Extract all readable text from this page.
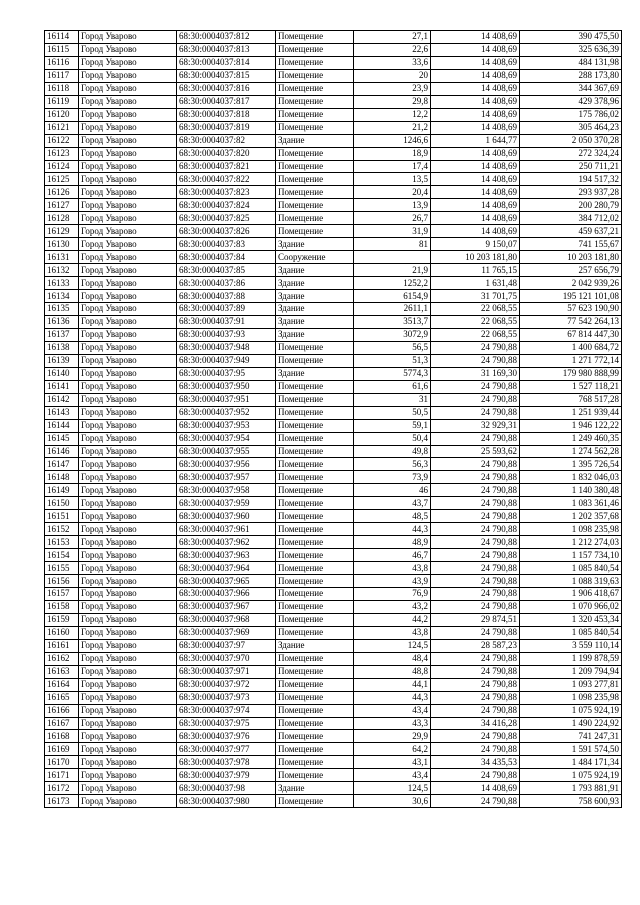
16114	Город Уварово	68:30:0004037:812	Помещение	27,1	14 408,69	390 475,50
16115	Город Уварово	68:30:0004037:813	Помещение	22,6	14 408,69	325 636,39
16116	Город Уварово	68:30:0004037:814	Помещение	33,6	14 408,69	484 131,98
16117	Город Уварово	68:30:0004037:815	Помещение	20	14 408,69	288 173,80
16118	Город Уварово	68:30:0004037:816	Помещение	23,9	14 408,69	344 367,69
16119	Город Уварово	68:30:0004037:817	Помещение	29,8	14 408,69	429 378,96
16120	Город Уварово	68:30:0004037:818	Помещение	12,2	14 408,69	175 786,02
16121	Город Уварово	68:30:0004037:819	Помещение	21,2	14 408,69	305 464,23
16122	Город Уварово	68:30:0004037:82	Здание	1246,6	1 644,77	2 050 370,28
16123	Город Уварово	68:30:0004037:820	Помещение	18,9	14 408,69	272 324,24
16124	Город Уварово	68:30:0004037:821	Помещение	17,4	14 408,69	250 711,21
16125	Город Уварово	68:30:0004037:822	Помещение	13,5	14 408,69	194 517,32
16126	Город Уварово	68:30:0004037:823	Помещение	20,4	14 408,69	293 937,28
16127	Город Уварово	68:30:0004037:824	Помещение	13,9	14 408,69	200 280,79
16128	Город Уварово	68:30:0004037:825	Помещение	26,7	14 408,69	384 712,02
16129	Город Уварово	68:30:0004037:826	Помещение	31,9	14 408,69	459 637,21
16130	Город Уварово	68:30:0004037:83	Здание	81	9 150,07	741 155,67
16131	Город Уварово	68:30:0004037:84	Сооружение		10 203 181,80	10 203 181,80
16132	Город Уварово	68:30:0004037:85	Здание	21,9	11 765,15	257 656,79
16133	Город Уварово	68:30:0004037:86	Здание	1252,2	1 631,48	2 042 939,26
16134	Город Уварово	68:30:0004037:88	Здание	6154,9	31 701,75	195 121 101,08
16135	Город Уварово	68:30:0004037:89	Здание	2611,1	22 068,55	57 623 190,90
16136	Город Уварово	68:30:0004037:91	Здание	3513,7	22 068,55	77 542 264,13
16137	Город Уварово	68:30:0004037:93	Здание	3072,9	22 068,55	67 814 447,30
16138	Город Уварово	68:30:0004037:948	Помещение	56,5	24 790,88	1 400 684,72
16139	Город Уварово	68:30:0004037:949	Помещение	51,3	24 790,88	1 271 772,14
16140	Город Уварово	68:30:0004037:95	Здание	5774,3	31 169,30	179 980 888,99
16141	Город Уварово	68:30:0004037:950	Помещение	61,6	24 790,88	1 527 118,21
16142	Город Уварово	68:30:0004037:951	Помещение	31	24 790,88	768 517,28
16143	Город Уварово	68:30:0004037:952	Помещение	50,5	24 790,88	1 251 939,44
16144	Город Уварово	68:30:0004037:953	Помещение	59,1	32 929,31	1 946 122,22
16145	Город Уварово	68:30:0004037:954	Помещение	50,4	24 790,88	1 249 460,35
16146	Город Уварово	68:30:0004037:955	Помещение	49,8	25 593,62	1 274 562,28
16147	Город Уварово	68:30:0004037:956	Помещение	56,3	24 790,88	1 395 726,54
16148	Город Уварово	68:30:0004037:957	Помещение	73,9	24 790,88	1 832 046,03
16149	Город Уварово	68:30:0004037:958	Помещение	46	24 790,88	1 140 380,48
16150	Город Уварово	68:30:0004037:959	Помещение	43,7	24 790,88	1 083 361,46
16151	Город Уварово	68:30:0004037:960	Помещение	48,5	24 790,88	1 202 357,68
16152	Город Уварово	68:30:0004037:961	Помещение	44,3	24 790,88	1 098 235,98
16153	Город Уварово	68:30:0004037:962	Помещение	48,9	24 790,88	1 212 274,03
16154	Город Уварово	68:30:0004037:963	Помещение	46,7	24 790,88	1 157 734,10
16155	Город Уварово	68:30:0004037:964	Помещение	43,8	24 790,88	1 085 840,54
16156	Город Уварово	68:30:0004037:965	Помещение	43,9	24 790,88	1 088 319,63
16157	Город Уварово	68:30:0004037:966	Помещение	76,9	24 790,88	1 906 418,67
16158	Город Уварово	68:30:0004037:967	Помещение	43,2	24 790,88	1 070 966,02
16159	Город Уварово	68:30:0004037:968	Помещение	44,2	29 874,51	1 320 453,34
16160	Город Уварово	68:30:0004037:969	Помещение	43,8	24 790,88	1 085 840,54
16161	Город Уварово	68:30:0004037:97	Здание	124,5	28 587,23	3 559 110,14
16162	Город Уварово	68:30:0004037:970	Помещение	48,4	24 790,88	1 199 878,59
16163	Город Уварово	68:30:0004037:971	Помещение	48,8	24 790,88	1 209 794,94
16164	Город Уварово	68:30:0004037:972	Помещение	44,1	24 790,88	1 093 277,81
16165	Город Уварово	68:30:0004037:973	Помещение	44,3	24 790,88	1 098 235,98
16166	Город Уварово	68:30:0004037:974	Помещение	43,4	24 790,88	1 075 924,19
16167	Город Уварово	68:30:0004037:975	Помещение	43,3	34 416,28	1 490 224,92
16168	Город Уварово	68:30:0004037:976	Помещение	29,9	24 790,88	741 247,31
16169	Город Уварово	68:30:0004037:977	Помещение	64,2	24 790,88	1 591 574,50
16170	Город Уварово	68:30:0004037:978	Помещение	43,1	34 435,53	1 484 171,34
16171	Город Уварово	68:30:0004037:979	Помещение	43,4	24 790,88	1 075 924,19
16172	Город Уварово	68:30:0004037:98	Здание	124,5	14 408,69	1 793 881,91
16173	Город Уварово	68:30:0004037:980	Помещение	30,6	24 790,88	758 600,93
